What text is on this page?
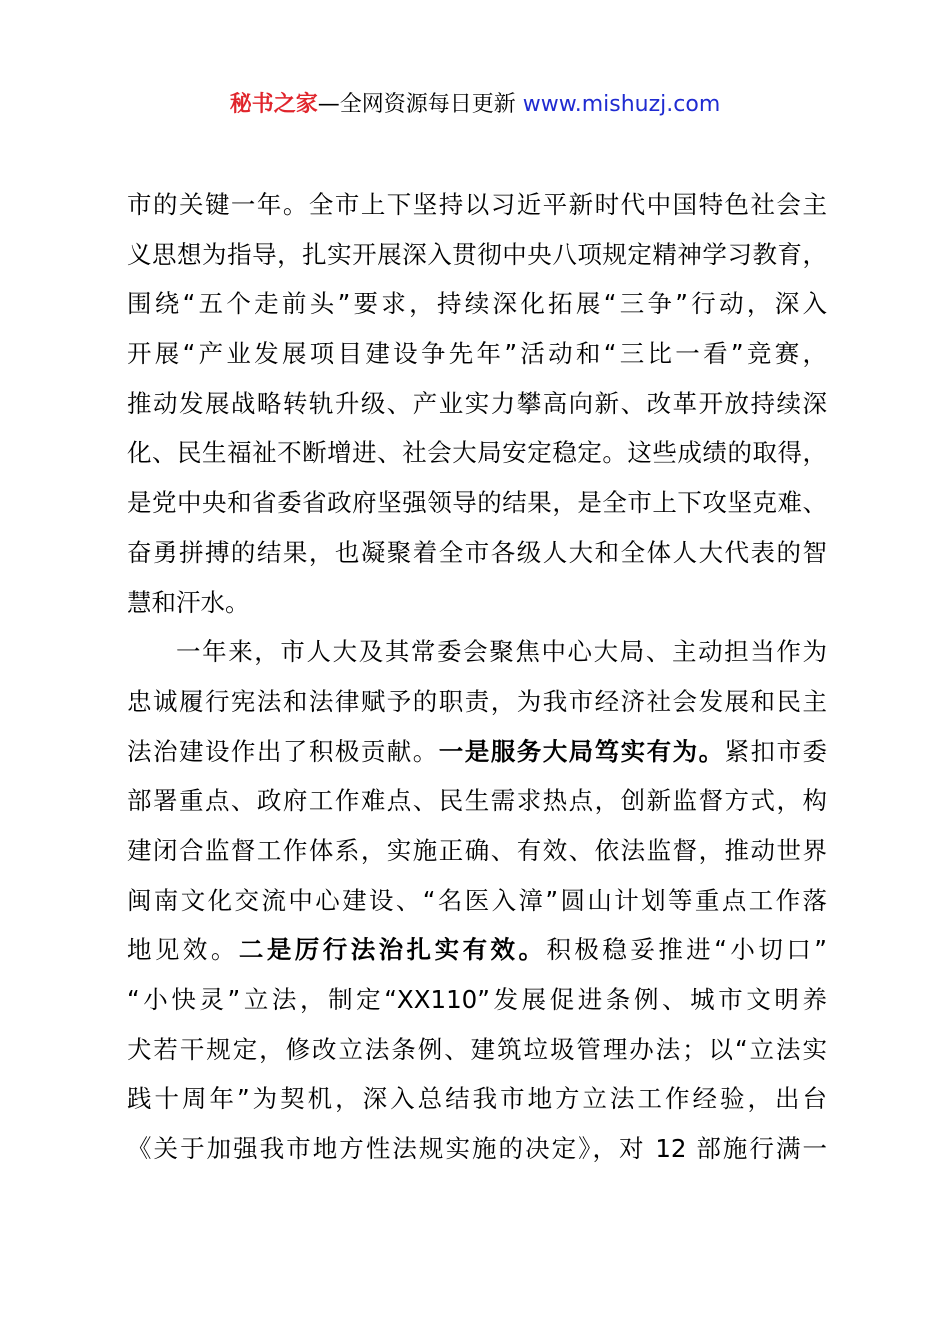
秘书之家—全网资源每日更新 www.mishuzj.com
市的关键一年。全市上下坚持以习近平新时代中国特色社会主
义思想为指导，扎实开展深入贯彻中央八项规定精神学习教育，
围绕“五个走前头”要求，持续深化拓展“三争”行动，深入
开展“产业发展项目建设争先年”活动和“三比一看”竞赛，
推动发展战略转轨升级、产业实力攀高向新、改革开放持续深
化、民生福祉不断增进、社会大局安定稳定。这些成绩的取得，
是党中央和省委省政府坚强领导的结果，是全市上下攻坚克难、
奋勇拼搏的结果，也凝聚着全市各级人大和全体人大代表的智
慧和汗水。
一年来，市人大及其常委会聚焦中心大局、主动担当作为
忠诚履行宪法和法律赋予的职责，为我市经济社会发展和民主
法治建设作出了积极贡献。一是服务大局笃实有为。紧扣市委
部署重点、政府工作难点、民生需求热点，创新监督方式，构
建闭合监督工作体系，实施正确、有效、依法监督，推动世界
闽南文化交流中心建设、“名医入漳”圆山计划等重点工作落
地见效。二是厉行法治扎实有效。积极稳妥推进“小切口”
“小快灵”立法，制定“XX110”发展促进条例、城市文明养
犬若干规定，修改立法条例、建筑垃圾管理办法；以“立法实
践十周年”为契机，深入总结我市地方立法工作经验，出台
《关于加强我市地方性法规实施的决定》，对 12 部施行满一
